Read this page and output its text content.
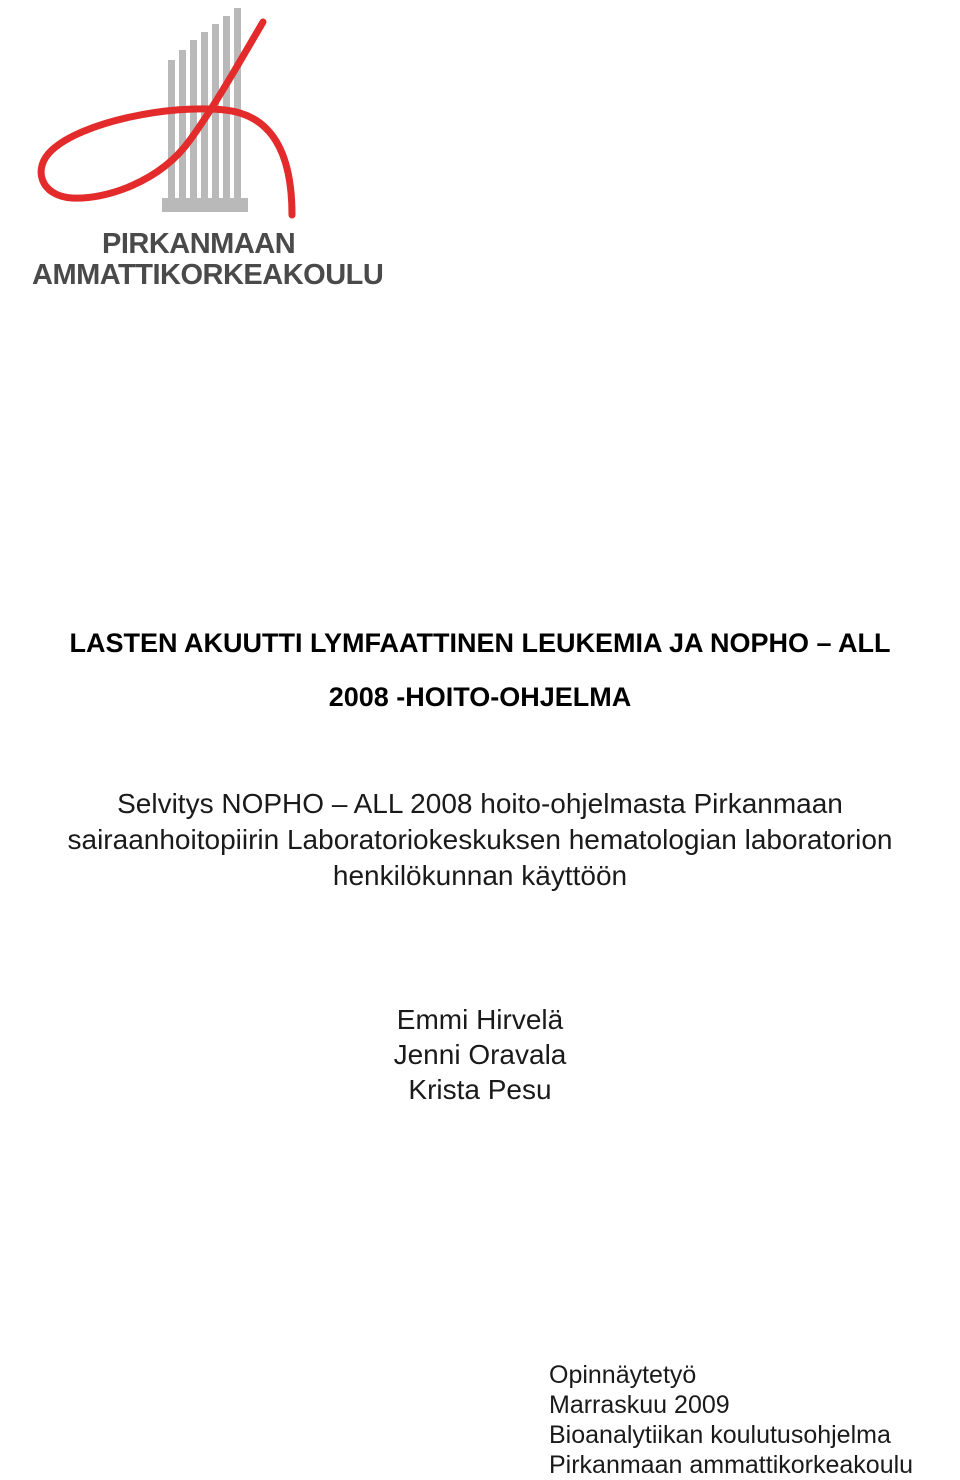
PIRKANMAAN
AMMATTIKORKEAKOULU
LASTEN AKUUTTI LYMFAATTINEN LEUKEMIA JA NOPHO – ALL
2008 -HOITO-OHJELMA
Selvitys NOPHO – ALL 2008 hoito-ohjelmasta Pirkanmaan
sairaanhoitopiirin Laboratoriokeskuksen hematologian laboratorion
henkilökunnan käyttöön
Emmi Hirvelä
Jenni Oravala
Krista Pesu
Opinnäytetyö
Marraskuu 2009
Bioanalytiikan koulutusohjelma
Pirkanmaan ammattikorkeakoulu
